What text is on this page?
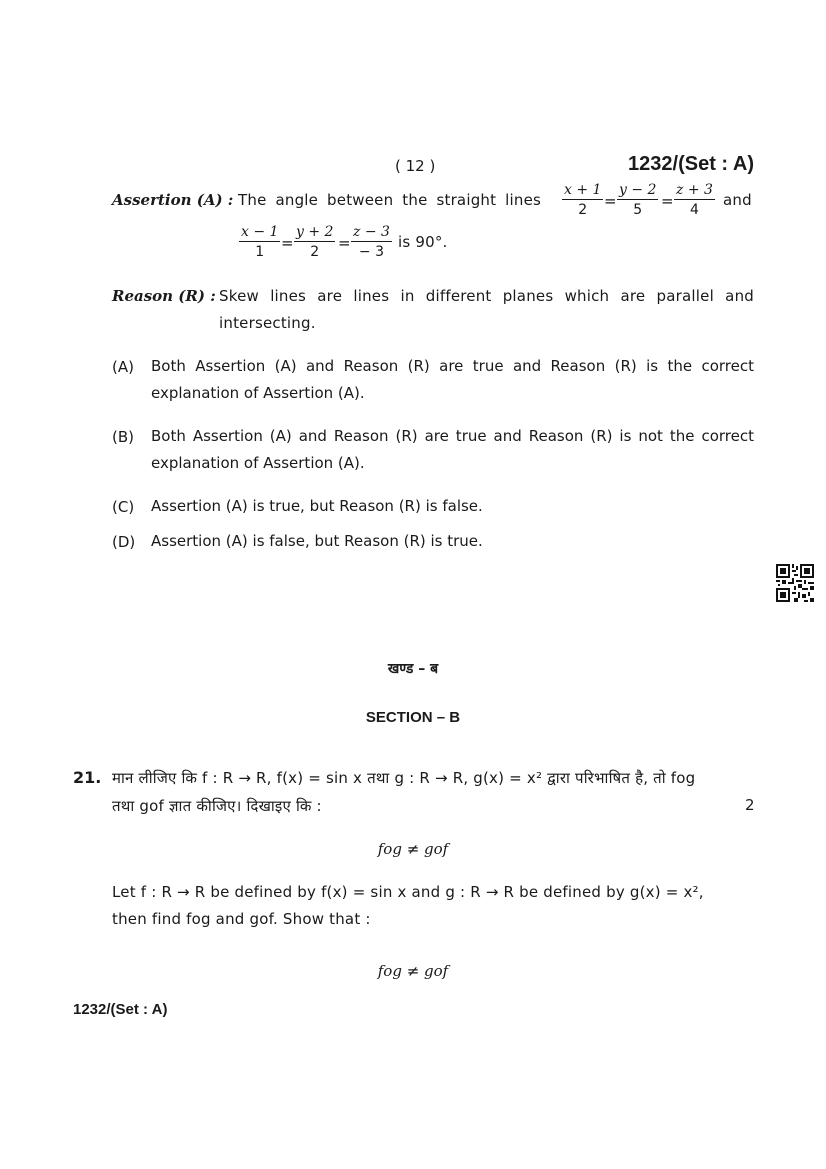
( 12 )	1232/(Set : A)
Assertion (A) : The angle between the straight lines $\frac{x + 1}{2} = \frac{y - 2}{5} = \frac{z + 3}{4}$ and
$\frac{x - 1}{1} = \frac{y + 2}{2} = \frac{z - 3}{- 3}$ is 90°.
Reason (R) : Skew lines are lines in different planes which are parallel and
intersecting.
(A) Both Assertion (A) and Reason (R) are true and Reason (R) is the correct explanation of Assertion (A).
(B) Both Assertion (A) and Reason (R) are true and Reason (R) is not the correct explanation of Assertion (A).
(C) Assertion (A) is true, but Reason (R) is false.
(D) Assertion (A) is false, but Reason (R) is true.
खण्ड – ब
SECTION – B
21. मान लीजिए कि f : R → R, f(x) = sin x तथा g : R → R, g(x) = x² द्वारा परिभाषित है, तो fog
तथा gof ज्ञात कीजिए। दिखाइए कि :	2
fog ≠ gof
Let f : R → R be defined by f(x) = sin x and g : R → R be defined by g(x) = x²,
then find fog and gof. Show that :
fog ≠ gof
1232/(Set : A)
